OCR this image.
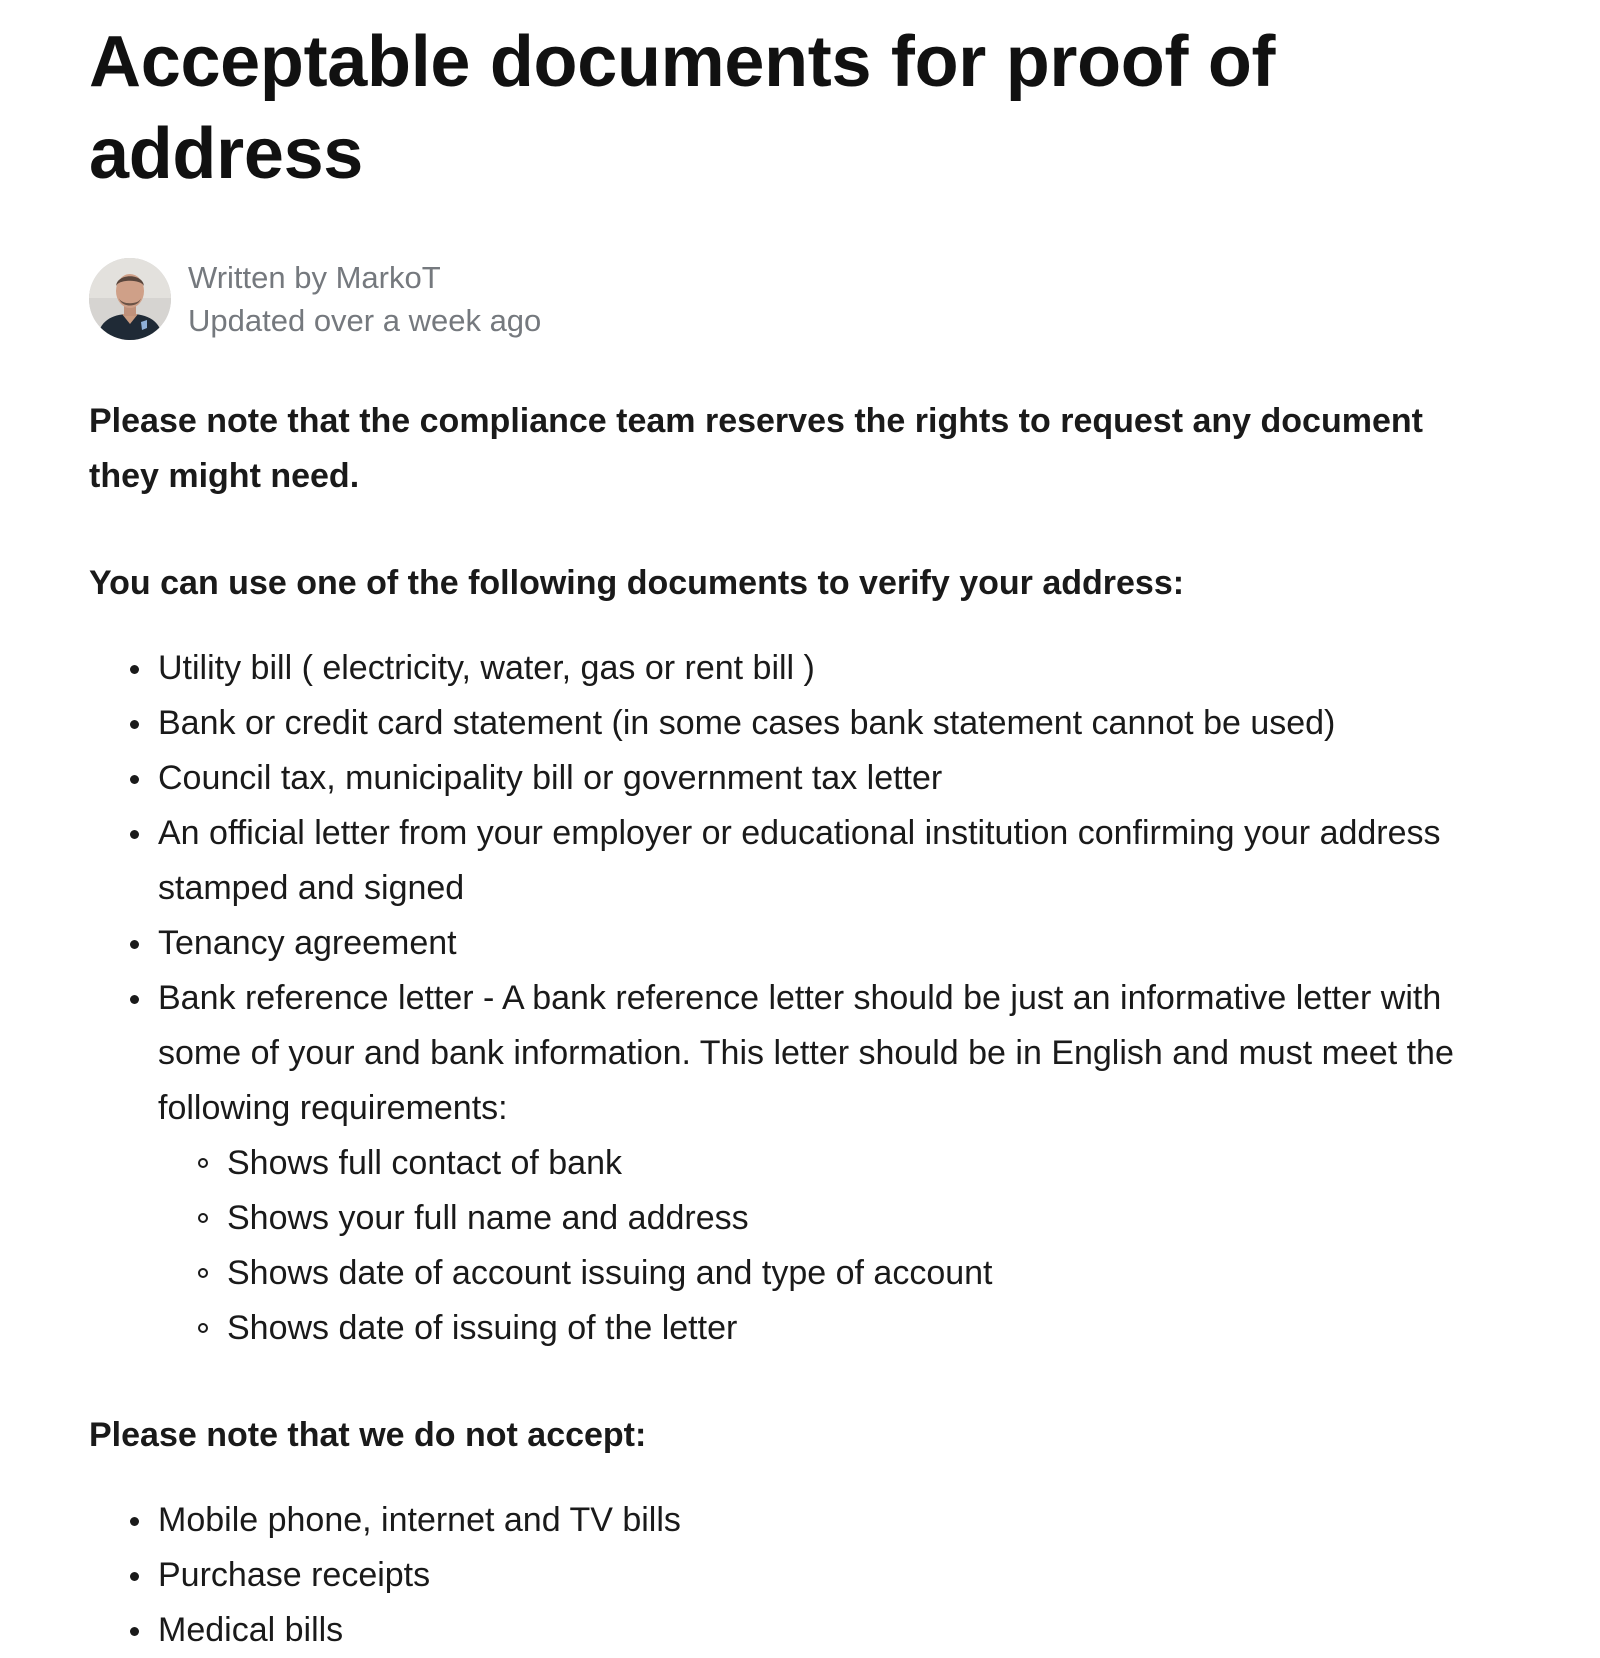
Acceptable documents for proof of address
Written by MarkoT
Updated over a week ago

Please note that the compliance team reserves the rights to request any document they might need.

You can use one of the following documents to verify your address:

Utility bill ( electricity, water, gas or rent bill )
Bank or credit card statement (in some cases bank statement cannot be used)
Council tax, municipality bill or government tax letter
An official letter from your employer or educational institution confirming your address stamped and signed
Tenancy agreement
Bank reference letter - A bank reference letter should be just an informative letter with some of your and bank information. This letter should be in English and must meet the following requirements:
Shows full contact of bank
Shows your full name and address
Shows date of account issuing and type of account
Shows date of issuing of the letter

Please note that we do not accept:

Mobile phone, internet and TV bills
Purchase receipts
Medical bills
